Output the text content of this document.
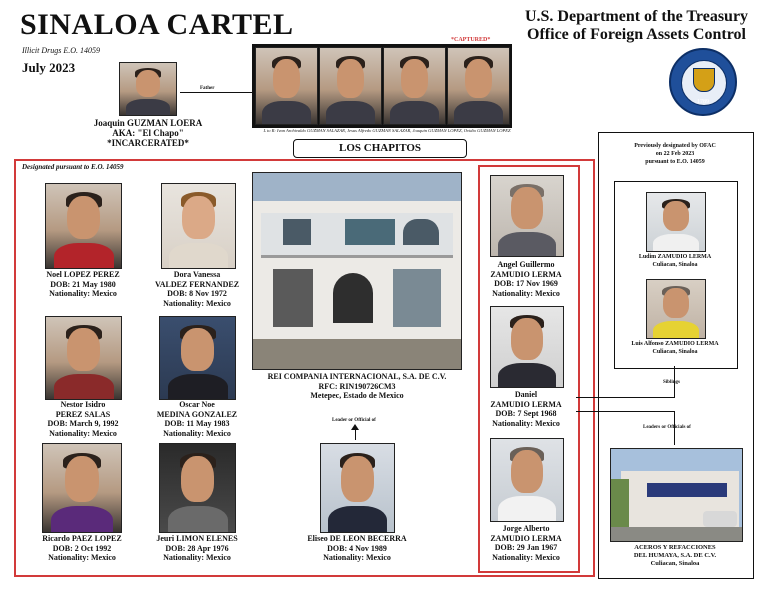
SINALOA CARTEL
Illicit Drugs E.O. 14059
July 2023
U.S. Department of the Treasury
Office of Foreign Assets Control
1789
Father
Joaquin GUZMAN LOERA
AKA: "El Chapo"
*INCARCERATED*
*CAPTURED*
L to R: Ivan Archivaldo GUZMAN SALAZAR, Jesus Alfredo GUZMAN SALAZAR, Joaquin GUZMAN LOPEZ, Ovidio GUZMAN LOPEZ
LOS CHAPITOS
Designated pursuant to E.O. 14059
Noel LOPEZ PEREZ
DOB: 21 May 1980
Nationality: Mexico
Dora Vanessa
VALDEZ FERNANDEZ
DOB: 8 Nov 1972
Nationality: Mexico
Nestor Isidro
PEREZ SALAS
DOB: March 9, 1992
Nationality: Mexico
Oscar Noe
MEDINA GONZALEZ
DOB: 11 May 1983
Nationality: Mexico
Ricardo PAEZ LOPEZ
DOB: 2 Oct 1992
Nationality: Mexico
Jeuri LIMON ELENES
DOB: 28 Apr 1976
Nationality: Mexico
REI COMPANIA INTERNACIONAL, S.A. DE C.V.
RFC: RIN190726CM3
Metepec, Estado de Mexico
Leader or Official of
Eliseo DE LEON BECERRA
DOB: 4 Nov 1989
Nationality: Mexico
Angel Guillermo
ZAMUDIO LERMA
DOB: 17 Nov 1969
Nationality: Mexico
Daniel
ZAMUDIO LERMA
DOB: 7 Sept 1968
Nationality: Mexico
Jorge Alberto
ZAMUDIO LERMA
DOB: 29 Jan 1967
Nationality: Mexico
Siblings
Leaders or Officials of
Previously designated by OFAC
on 22 Feb 2023
pursuant to E.O. 14059
Ludim ZAMUDIO LERMA
Culiacan, Sinaloa
Luis Alfonso ZAMUDIO LERMA
Culiacan, Sinaloa
ACEROS Y REFACCIONES
DEL HUMAYA, S.A. DE C.V.
Culiacan, Sinaloa
